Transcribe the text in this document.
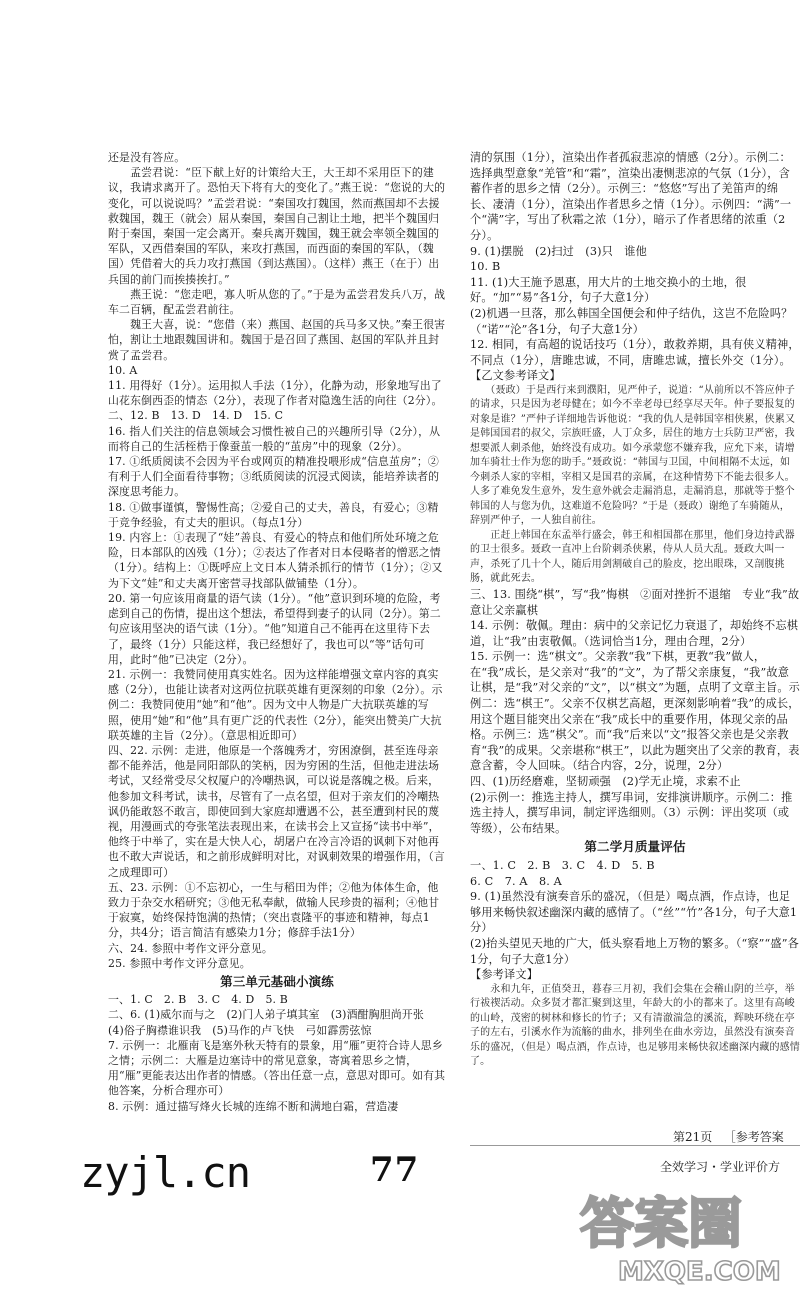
还是没有答应。

　　孟尝君说：“臣下献上好的计策给大王，大王却不采用臣下的建议，我请求离开了。恐怕天下将有大的变化了。”燕王说：“您说的大的变化，可以说说吗？”孟尝君说：“秦国攻打魏国，然而燕国却不去援救魏国，魏王（就会）屈从秦国，秦国自己割让土地，把半个魏国归附于秦国，秦国一定会离开。秦兵离开魏国，魏王就会率领全魏国的军队，又西借秦国的军队，来攻打燕国，而西面的秦国的军队，（魏国）凭借着大的兵力攻打燕国（到达燕国）。（这样）燕王（在于）出兵国的前门而挨揍挨打。”

　　燕王说：“您走吧，寡人听从您的了。”于是为孟尝君发兵八万，战车二百辆，配孟尝君前往。

　　魏王大喜，说：“您借（来）燕国、赵国的兵马多又快。”秦王很害怕，割让土地跟魏国讲和。魏国于是召回了燕国、赵国的军队并且封赏了孟尝君。

10. A

11. 用得好（1分）。运用拟人手法（1分），化静为动，形象地写出了山花东倒西歪的情态（2分），表现了作者对隐逸生活的向往（2分）。

二、12. B　13. D　14. D　15. C

16. 指人们关注的信息领域会习惯性被自己的兴趣所引导（2分），从而将自己的生活桎梏于像蚕茧一般的“茧房”中的现象（2分）。

17. ①纸质阅读不会因为平台或网页的精准投喂形成“信息茧房”；②有利于人们全面看待事物；③纸质阅读的沉浸式阅读，能培养读者的深度思考能力。

18. ①做事谨慎，警惕性高；②爱自己的丈夫，善良，有爱心；③精于竞争经验，有丈夫的胆识。（每点1分）

19. 内容上：①表现了“娃”善良、有爱心的特点和他们所处环境之危险，日本部队的凶残（1分）；②表达了作者对日本侵略者的憎恶之情（1分）。结构上：①既呼应上文日本人猜杀抓行的情节（1分）；②又为下文“娃”和丈夫离开密营寻找部队做铺垫（1分）。

20. 第一句应该用商量的语气读（1分）。“他”意识到环境的危险，考虑到自己的伤情，提出这个想法，希望得到妻子的认同（2分）。第二句应该用坚决的语气读（1分）。“他”知道自己不能再在这里待下去了，最终（1分）只能这样，我已经想好了，我也可以“等”话句可用，此时“他”已决定（2分）。

21. 示例一：我赞同使用真实姓名。因为这样能增强文章内容的真实感（2分），也能让读者对这两位抗联英雄有更深刻的印象（2分）。示例二：我赞同使用“她”和“他”。因为文中人物是广大抗联英雄的写照，使用“她”和“他”具有更广泛的代表性（2分），能突出赞美广大抗联英雄的主旨（2分）。（意思相近即可）

四、22. 示例：走进，他原是一个落魄秀才，穷困潦倒，甚至连母亲都不能养活，他是同阳部队的笑柄，因为穷困的生活，但他走进法场考试，又经常受尽父权厦户的冷嘲热讽，可以说是落魄之极。后来，他参加文科考试，读书，尽管有了一点名望，但对于亲友们的冷嘲热讽仍能敢怒不敢言，即使回到大家庭却遭遇不公，甚至遭到村民的蔑视，用漫画式的夸张笔法表现出来，在读书会上又宣扬“读书中举”，他终于中举了，实在是大快人心，胡屠户在冷言冷语的讽刺下对他再也不敢大声说话，和之前形成鲜明对比，对讽刺效果的增强作用，（言之成理即可）

五、23. 示例：①不忘初心，一生与稻田为伴；②他为体体生命，他致力于杂交水稻研究；③他无私奉献，做输人民珍贵的福利；④他甘于寂寞，始终保持饱满的热情；（突出袁隆平的事迹和精神，每点1分，共4分；语言简洁有感染力1分；修辞手法1分）

六、24. 参照中考作文评分意见。

25. 参照中考作文评分意见。

第三单元基础小演练

一、1. C　2. B　3. C　4. D　5. B

二、6. (1)威尔而与之　(2)门人弟子填其室　(3)酒酣胸胆尚开张　(4)俗子胸襟谁识我　(5)马作的卢飞快　弓如霹雳弦惊

7. 示例一：北雁南飞是塞外秋天特有的景象，用“雁”更符合诗人思乡之情；示例二：大雁是边塞诗中的常见意象，寄寓着思乡之情，用“雁”更能表达出作者的情感。（答出任意一点，意思对即可。如有其他答案，分析合理亦可）

8. 示例：通过描写烽火长城的连绵不断和满地白霜，营造凄

清的氛围（1分），渲染出作者孤寂悲凉的情感（2分）。示例二：选择典型意象“羌管”和“霜”，渲染出凄恻悲凉的气氛（1分），含蓄作者的思乡之情（2分）。示例三：“悠悠”写出了羌笛声的绵长、凄清（1分），渲染出作者思乡之情（1分）。示例四：“满”一个“满”字，写出了秋霜之浓（1分），暗示了作者思绪的浓重（2分）。

9. (1)摆脱　(2)扫过　(3)只　谁他

10. B

11. (1)大王施予恩惠，用大片的土地交换小的土地，很好。“加”“易”各1分，句子大意1分）

(2)机遇一旦落，那么韩国全国便会和仲子结仇，这岂不危险吗？（“诺”“沦”各1分，句子大意1分）

12. 相同，有高超的说话技巧（1分），敢救养期，具有侠义精神，不同点（1分），唐雎忠诚，不同，唐雎忠诚，擅长外交（1分）。

【乙文参考译文】

　　（聂政）于是西行来到濮阳，见严仲子，说道：“从前所以不答应仲子的请求，只是因为老母健在；如今不幸老母已经享尽天年。仲子要报复的对象是谁？”严仲子详细地告诉他说：“我的仇人是韩国宰相侠累，侠累又是韩国国君的叔父，宗族旺盛，人丁众多，居住的地方士兵防卫严密，我想要派人刺杀他，始终没有成功。如今承蒙您不嫌弃我，应允下来，请增加车骑壮士作为您的助手。”聂政说：“韩国与卫国，中间相隔不太远，如今刺杀人家的宰相，宰相又是国君的亲属，在这种情势下不能去很多人。人多了难免发生意外，发生意外就会走漏消息，走漏消息，那就等于整个韩国的人与您为仇，这难道不危险吗？”于是（聂政）谢绝了车骑随从，辞别严仲子，一人独自前往。

　　正赶上韩国在东孟举行盛会，韩王和相国都在那里，他们身边持武器的卫士很多。聂政一直冲上台阶刺杀侠累，侍从人员大乱。聂政大叫一声，杀死了几十个人，随后用剑割破自己的脸皮，挖出眼珠，又剖腹挑肠，就此死去。

三、13. 围绕“棋”，写“我”悔棋　②面对挫折不退缩　专业“我”故意让父亲赢棋

14. 示例：敬佩。理由：病中的父亲记忆力衰退了，却始终不忘棋道，让“我”由衷敬佩。（选词恰当1分，理由合理，2分）

15. 示例一：选“棋文”。父亲教“我”下棋，更教“我”做人，在“我”成长，是父亲对“我”的“文”，为了帮父亲康复，“我”故意让棋，是“我”对父亲的“文”，以“棋文”为题，点明了文章主旨。示例二：选“棋王”。父亲不仅棋艺高超，更深刻影响着“我”的成长，用这个题目能突出父亲在“我”成长中的重要作用，体现父亲的品格。示例三：选“棋父”。而“我”后来以“文”报答父亲也是父亲教育“我”的成果。父亲堪称“棋王”，以此为题突出了父亲的教育，表意含蓄，令人回味。（结合内容，2分，说理，2分）

四、(1)历经磨难，坚韧顽强　(2)学无止境，求索不止

(2)示例一：推选主持人，撰写串词，安排演讲顺序。示例二：推选主持人，撰写串词，制定评选细则。（3）示例：评出奖项（或等级），公布结果。

第二学月质量评估

一、1. C　2. B　3. C　4. D　5. B

6. C　7. A　8. A

9. (1)虽然没有演奏音乐的盛况，（但是）喝点酒，作点诗，也足够用来畅快叙述幽深内藏的感情了。（“丝”“竹”各1分，句子大意1分）

(2)抬头望见天地的广大，低头察看地上万物的繁多。（“察”“盛”各1分，句子大意1分）

【参考译文】

　　永和九年，正值癸丑，暮春三月初，我们会集在会稽山阴的兰亭，举行祓禊活动。众多贤才都汇聚到这里，年龄大的小的都来了。这里有高峻的山岭，茂密的树林和修长的竹子；又有清澈湍急的溪流，辉映环绕在亭子的左右，引溪水作为流觞的曲水，排列坐在曲水旁边，虽然没有演奏音乐的盛况，（但是）喝点酒，作点诗，也足够用来畅快叙述幽深内藏的感情了。

zyjl.cn	77
第21页 ［参考答案
全效学习・学业评价方
答案圈
MXQE.COM
